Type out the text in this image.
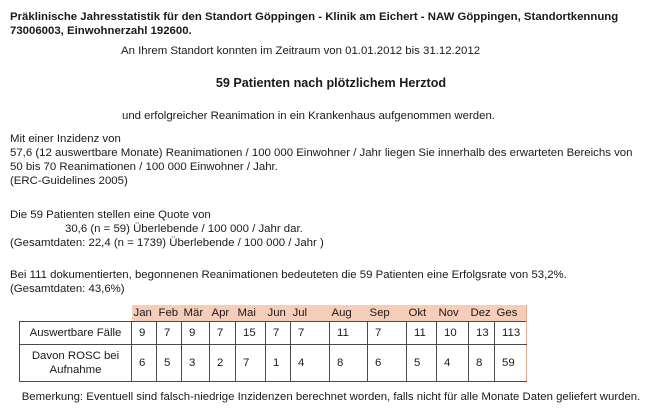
Präklinische Jahresstatistik für den Standort Göppingen - Klinik am Eichert - NAW Göppingen, Standortkennung 73006003, Einwohnerzahl 192600.

An Ihrem Standort konnten im Zeitraum von 01.01.2012 bis 31.12.2012

59 Patienten nach plötzlichem Herztod

und erfolgreicher Reanimation in ein Krankenhaus aufgenommen werden.

Mit einer Inzidenz von
57,6 (12 auswertbare Monate) Reanimationen / 100 000 Einwohner / Jahr liegen Sie innerhalb des erwarteten Bereichs von
50 bis 70 Reanimationen / 100 000 Einwohner / Jahr.
(ERC-Guidelines 2005)
Die 59 Patienten stellen eine Quote von
30,6 (n = 59) Überlebende / 100 000 / Jahr dar.
(Gesamtdaten: 22,4 (n = 1739) Überlebende / 100 000 / Jahr )
Bei 111 dokumentierten, begonnenen Reanimationen bedeuteten die 59 Patienten eine Erfolgsrate von 53,2%.
(Gesamtdaten: 43,6%)
	Jan	Feb	Mär	Apr	Mai	Jun	Jul	Aug	Sep	Okt	Nov	Dez	Ges
Auswertbare Fälle	9	7	9	7	15	7	7	11	7	11	10	13	113
Davon ROSC bei Aufnahme	6	5	3	2	7	1	4	8	6	5	4	8	59

Bemerkung: Eventuell sind falsch-niedrige Inzidenzen berechnet worden, falls nicht für alle Monate Daten geliefert wurden.
